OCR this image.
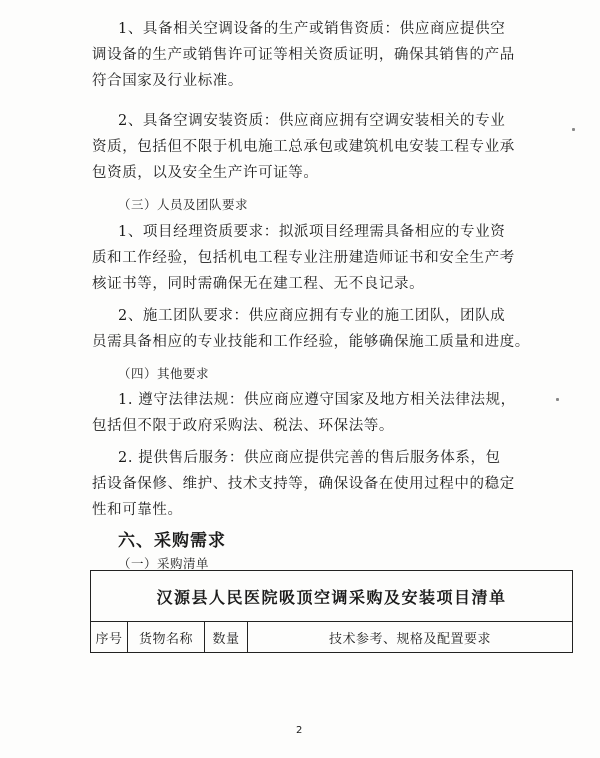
1、具备相关空调设备的生产或销售资质：供应商应提供空
调设备的生产或销售许可证等相关资质证明，确保其销售的产品
符合国家及行业标准。
2、具备空调安装资质：供应商应拥有空调安装相关的专业
资质，包括但不限于机电施工总承包或建筑机电安装工程专业承
包资质，以及安全生产许可证等。
（三）人员及团队要求
1、项目经理资质要求：拟派项目经理需具备相应的专业资
质和工作经验，包括机电工程专业注册建造师证书和安全生产考
核证书等，同时需确保无在建工程、无不良记录。
2、施工团队要求：供应商应拥有专业的施工团队，团队成
员需具备相应的专业技能和工作经验，能够确保施工质量和进度。
（四）其他要求
1. 遵守法律法规：供应商应遵守国家及地方相关法律法规，
包括但不限于政府采购法、税法、环保法等。
2. 提供售后服务：供应商应提供完善的售后服务体系，包
括设备保修、维护、技术支持等，确保设备在使用过程中的稳定
性和可靠性。
六、采购需求
（一）采购清单
汉源县人民医院吸顶空调采购及安装项目清单
序号	货物名称	数量	技术参考、规格及配置要求
2
